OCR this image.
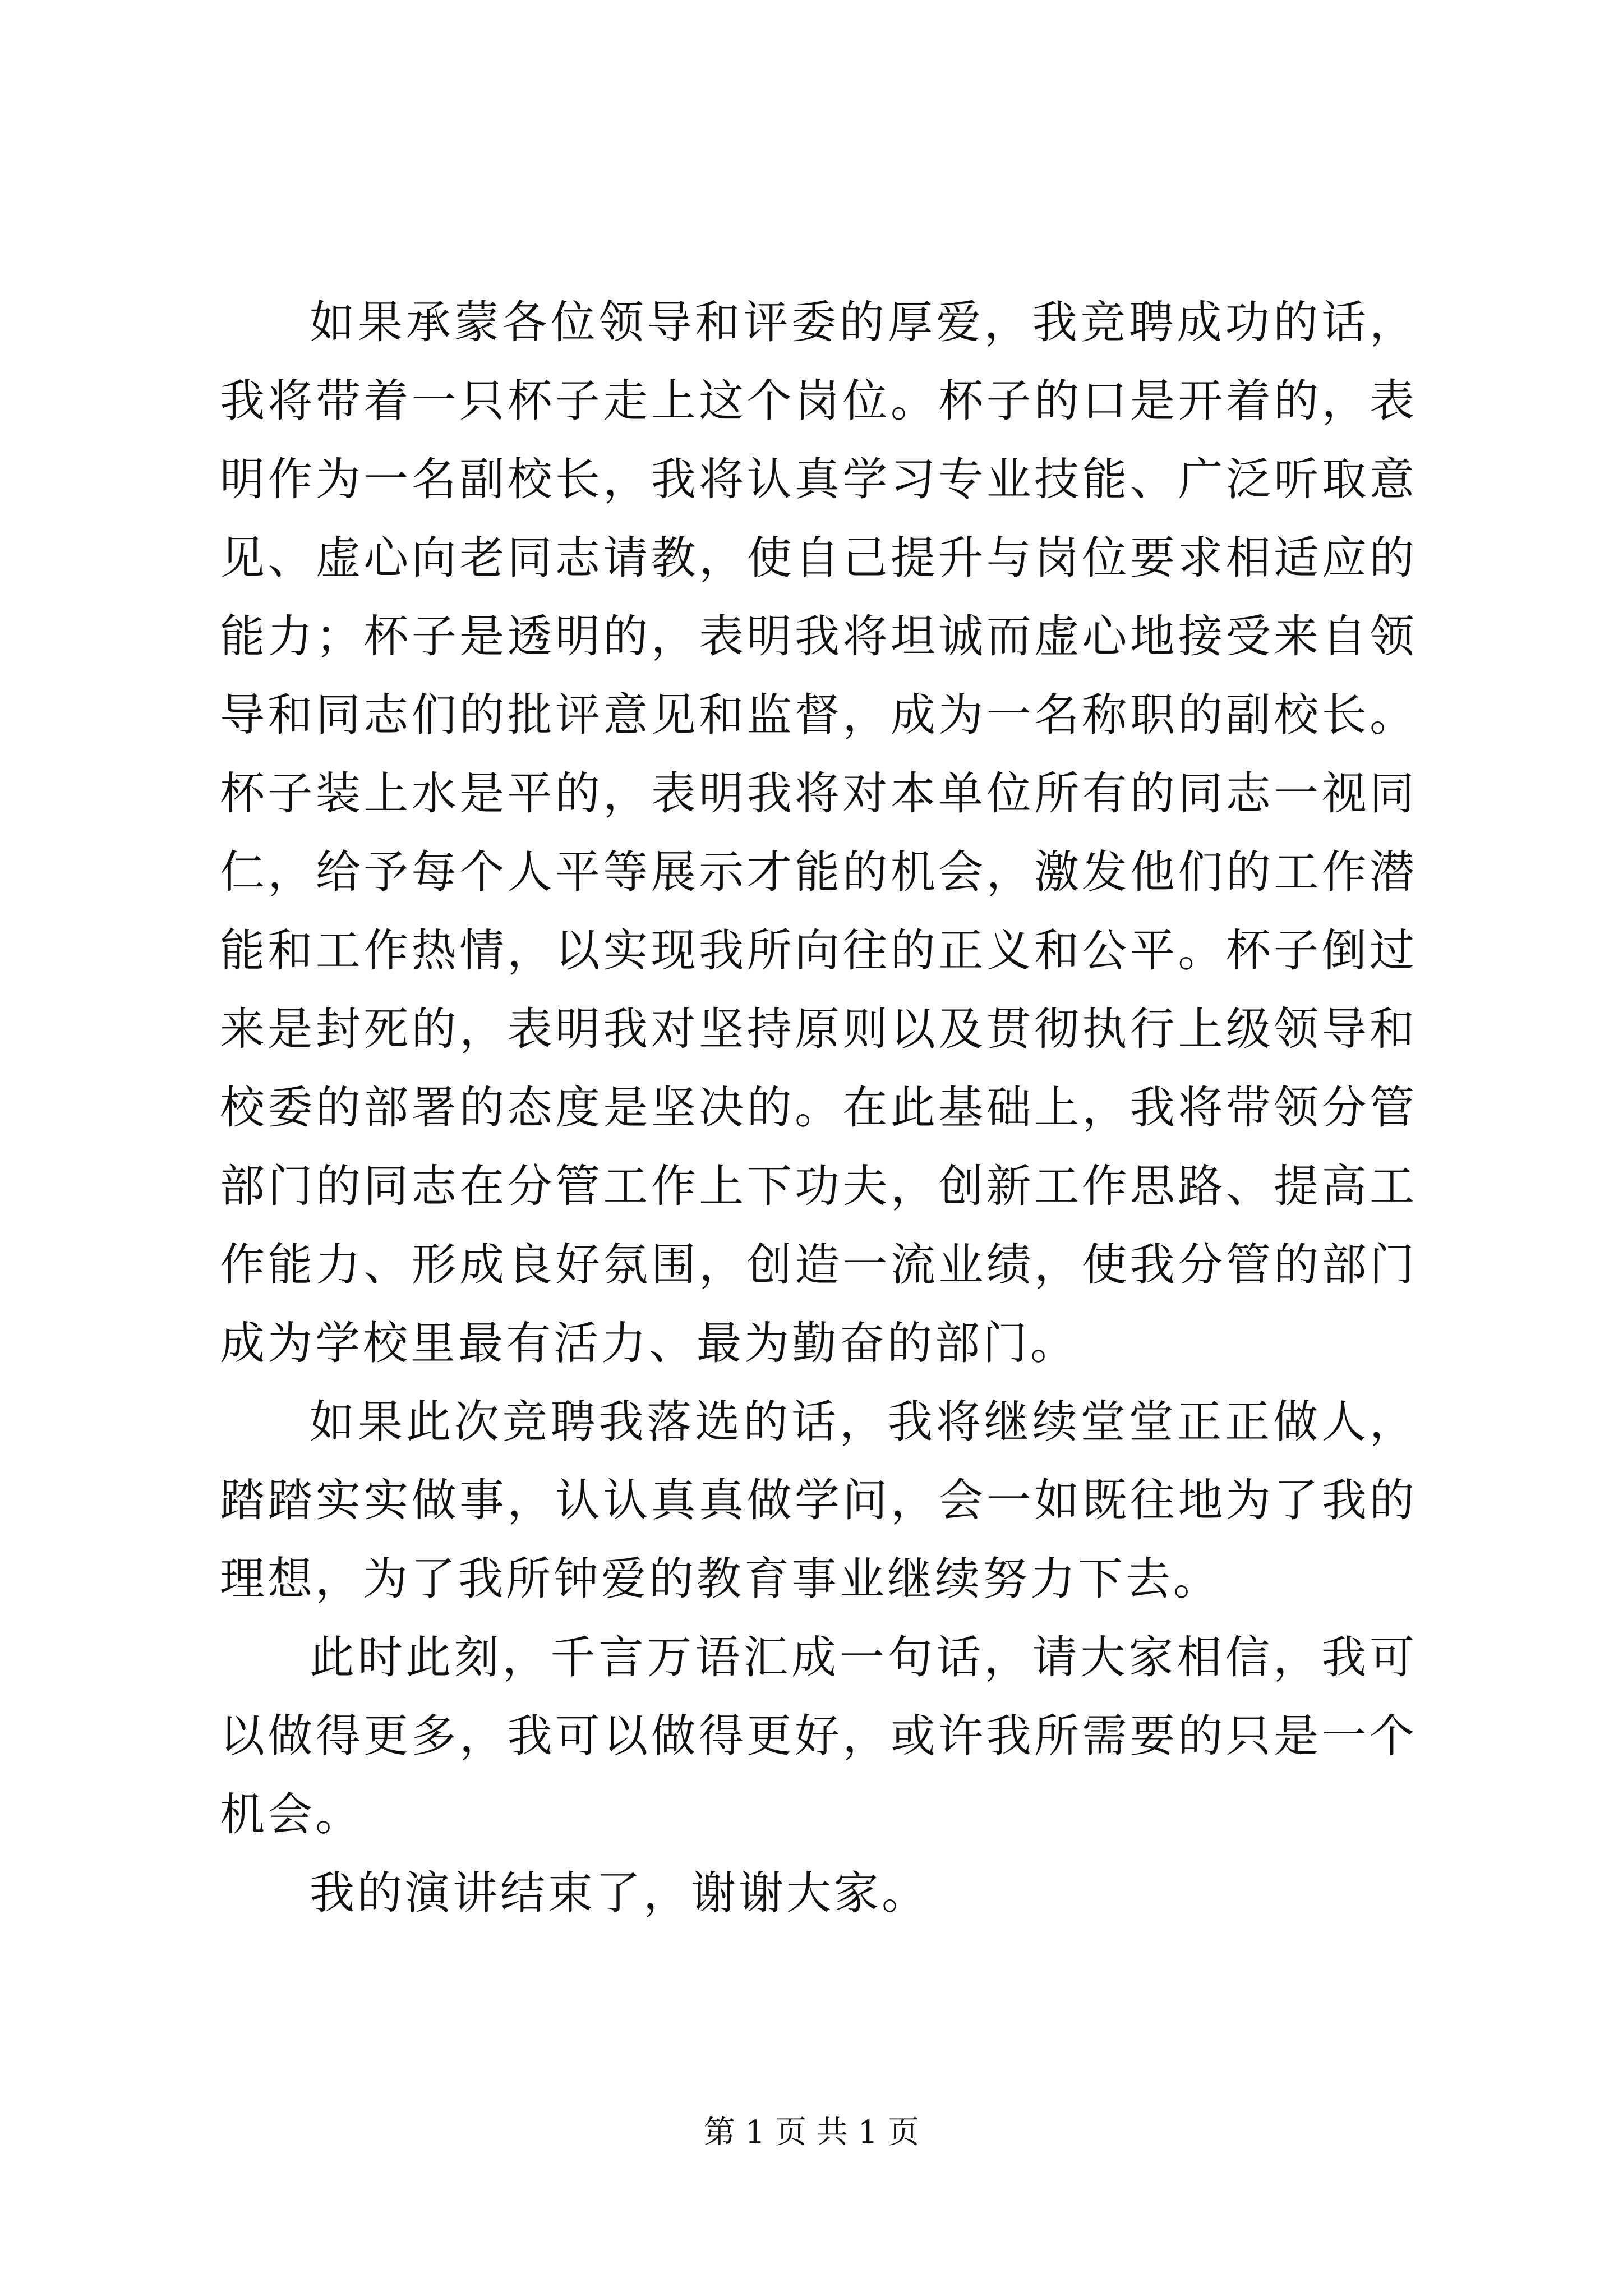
如果承蒙各位领导和评委的厚爱，我竞聘成功的话，我将带着一只杯子走上这个岗位。杯子的口是开着的，表明作为一名副校长，我将认真学习专业技能、广泛听取意见、虚心向老同志请教，使自己提升与岗位要求相适应的能力；杯子是透明的，表明我将坦诚而虚心地接受来自领导和同志们的批评意见和监督，成为一名称职的副校长。杯子装上水是平的，表明我将对本单位所有的同志一视同仁，给予每个人平等展示才能的机会，激发他们的工作潜能和工作热情，以实现我所向往的正义和公平。杯子倒过来是封死的，表明我对坚持原则以及贯彻执行上级领导和校委的部署的态度是坚决的。在此基础上，我将带领分管部门的同志在分管工作上下功夫，创新工作思路、提高工作能力、形成良好氛围，创造一流业绩，使我分管的部门成为学校里最有活力、最为勤奋的部门。

如果此次竞聘我落选的话，我将继续堂堂正正做人，踏踏实实做事，认认真真做学问，会一如既往地为了我的理想，为了我所钟爱的教育事业继续努力下去。

此时此刻，千言万语汇成一句话，请大家相信，我可以做得更多，我可以做得更好，或许我所需要的只是一个机会。

我的演讲结束了，谢谢大家。

第 1 页 共 1 页
